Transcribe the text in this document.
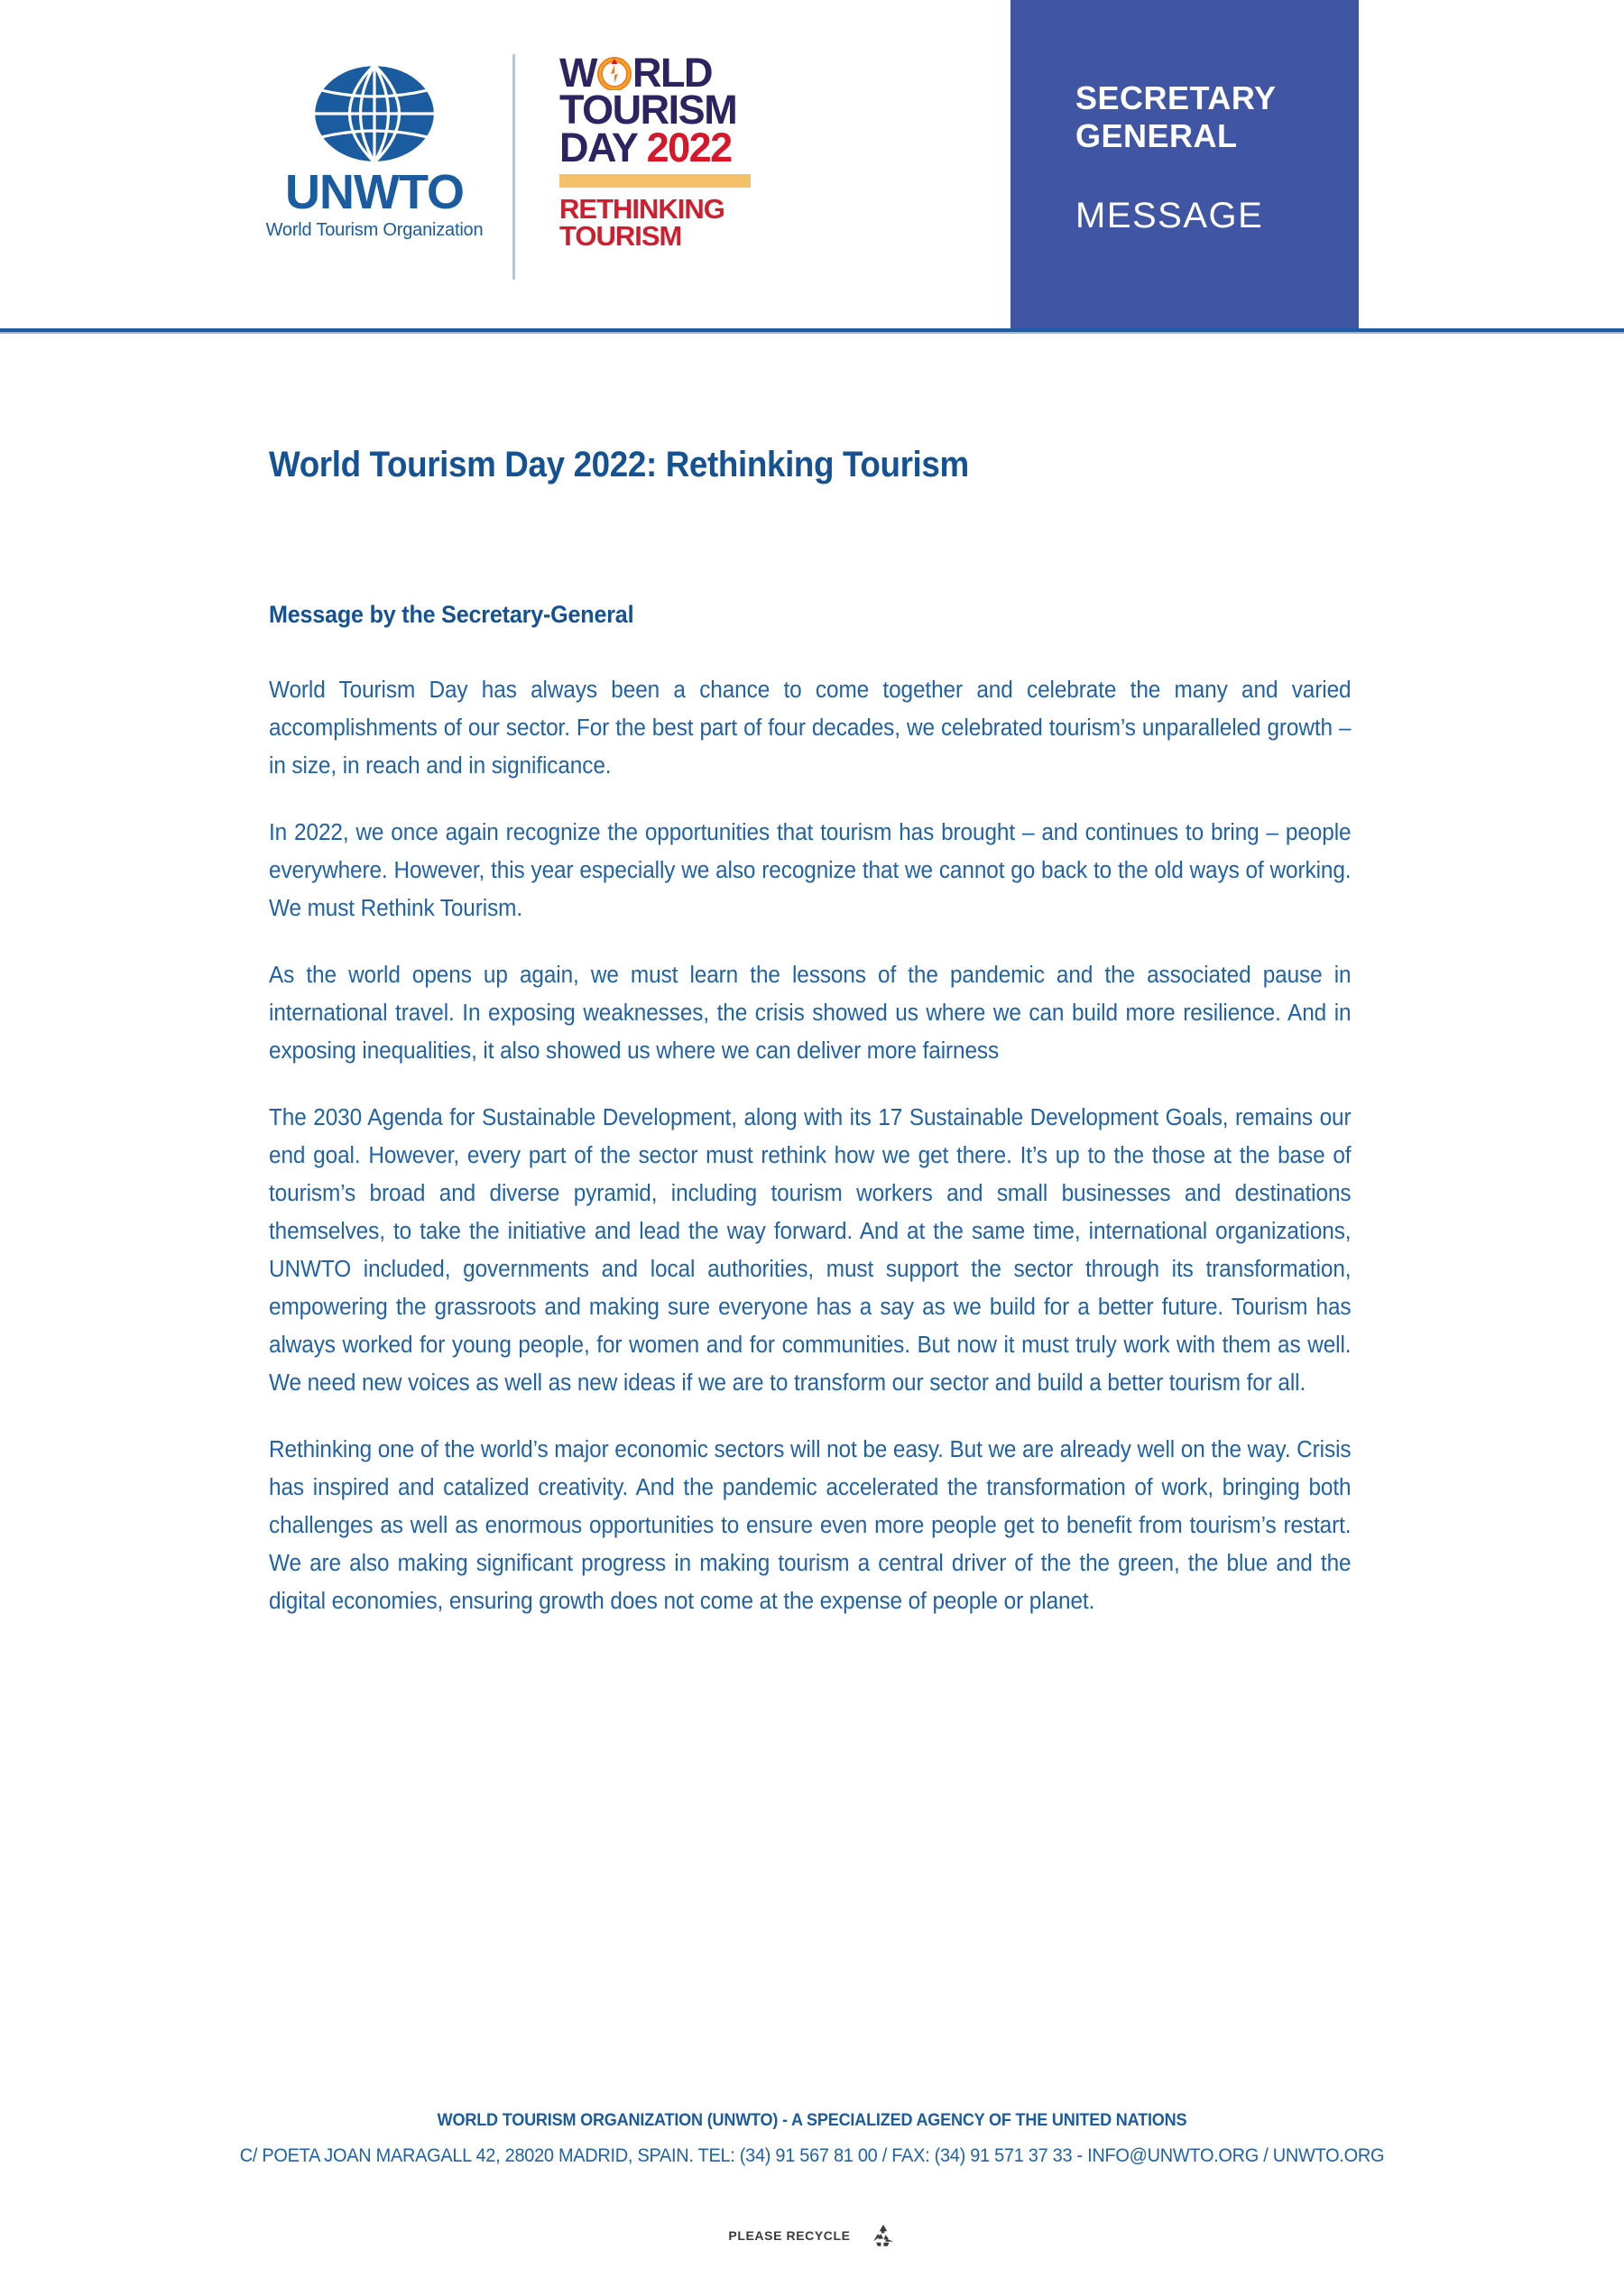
UNWTO
World Tourism Organization
W RLD
TOURISM
DAY 2022
RETHINKING
TOURISM
SECRETARY
GENERAL
MESSAGE
World Tourism Day 2022: Rethinking Tourism
Message by the Secretary-General

World Tourism Day has always been a chance to come together and celebrate the many and varied accomplishments of our sector. For the best part of four decades, we celebrated tourism’s unparalleled growth – in size, in reach and in significance.

In 2022, we once again recognize the opportunities that tourism has brought – and continues to bring – people everywhere. However, this year especially we also recognize that we cannot go back to the old ways of working. We must Rethink Tourism.

As the world opens up again, we must learn the lessons of the pandemic and the associated pause in international travel. In exposing weaknesses, the crisis showed us where we can build more resilience. And in exposing inequalities, it also showed us where we can deliver more fairness

The 2030 Agenda for Sustainable Development, along with its 17 Sustainable Development Goals, remains our end goal. However, every part of the sector must rethink how we get there. It’s up to the those at the base of tourism’s broad and diverse pyramid, including tourism workers and small businesses and destinations themselves, to take the initiative and lead the way forward. And at the same time, international organizations, UNWTO included, governments and local authorities, must support the sector through its transformation, empowering the grassroots and making sure everyone has a say as we build for a better future. Tourism has always worked for young people, for women and for communities. But now it must truly work with them as well. We need new voices as well as new ideas if we are to transform our sector and build a better tourism for all.

Rethinking one of the world’s major economic sectors will not be easy. But we are already well on the way. Crisis has inspired and catalized creativity. And the pandemic accelerated the transformation of work, bringing both challenges as well as enormous opportunities to ensure even more people get to benefit from tourism’s restart. We are also making significant progress in making tourism a central driver of the the green, the blue and the digital economies, ensuring growth does not come at the expense of people or planet.

WORLD TOURISM ORGANIZATION (UNWTO) - A SPECIALIZED AGENCY OF THE UNITED NATIONS
C/ POETA JOAN MARAGALL 42, 28020 MADRID, SPAIN. TEL: (34) 91 567 81 00 / FAX: (34) 91 571 37 33 - INFO@UNWTO.ORG / UNWTO.ORG
PLEASE RECYCLE
